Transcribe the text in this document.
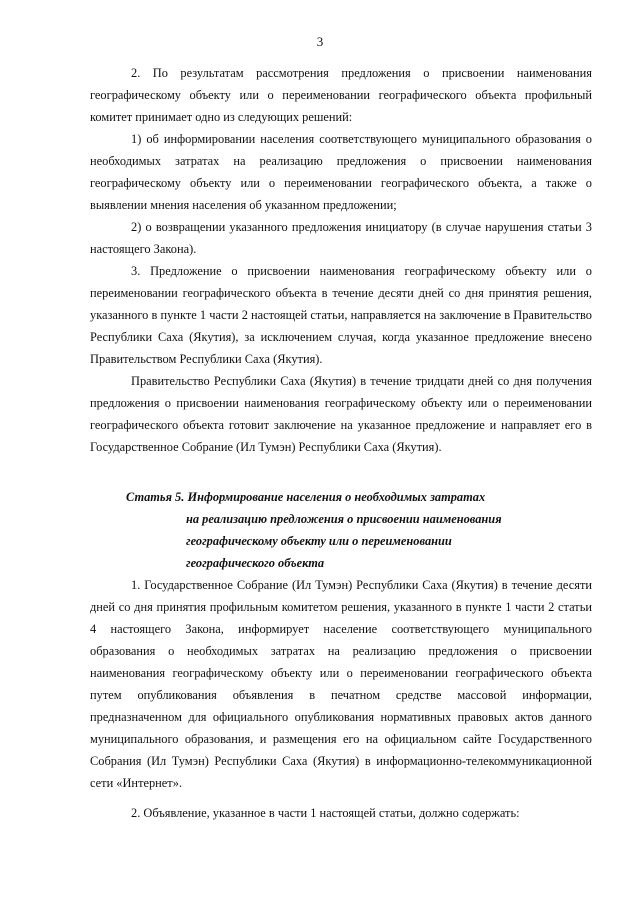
3

2. По результатам рассмотрения предложения о присвоении наименования географическому объекту или о переименовании географического объекта профильный комитет принимает одно из следующих решений:

1) об информировании населения соответствующего муниципального образования о необходимых затратах на реализацию предложения о присвоении наименования географическому объекту или о переименовании географического объекта, а также о выявлении мнения населения об указанном предложении;

2) о возвращении указанного предложения инициатору (в случае нарушения статьи 3 настоящего Закона).

3. Предложение о присвоении наименования географическому объекту или о переименовании географического объекта в течение десяти дней со дня принятия решения, указанного в пункте 1 части 2 настоящей статьи, направляется на заключение в Правительство Республики Саха (Якутия), за исключением случая, когда указанное предложение внесено Правительством Республики Саха (Якутия).

Правительство Республики Саха (Якутия) в течение тридцати дней со дня получения предложения о присвоении наименования географическому объекту или о переименовании географического объекта готовит заключение на указанное предложение и направляет его в Государственное Собрание (Ил Тумэн) Республики Саха (Якутия).

Статья 5. Информирование населения о необходимых затратах
на реализацию предложения о присвоении наименования
географическому объекту или о переименовании
географического объекта

1. Государственное Собрание (Ил Тумэн) Республики Саха (Якутия) в течение десяти дней со дня принятия профильным комитетом решения, указанного в пункте 1 части 2 статьи 4 настоящего Закона, информирует население соответствующего муниципального образования о необходимых затратах на реализацию предложения о присвоении наименования географическому объекту или о переименовании географического объекта путем опубликования объявления в печатном средстве массовой информации, предназначенном для официального опубликования нормативных правовых актов данного муниципального образования, и размещения его на официальном сайте Государственного Собрания (Ил Тумэн) Республики Саха (Якутия) в информационно-телекоммуникационной сети «Интернет».

2. Объявление, указанное в части 1 настоящей статьи, должно содержать:
